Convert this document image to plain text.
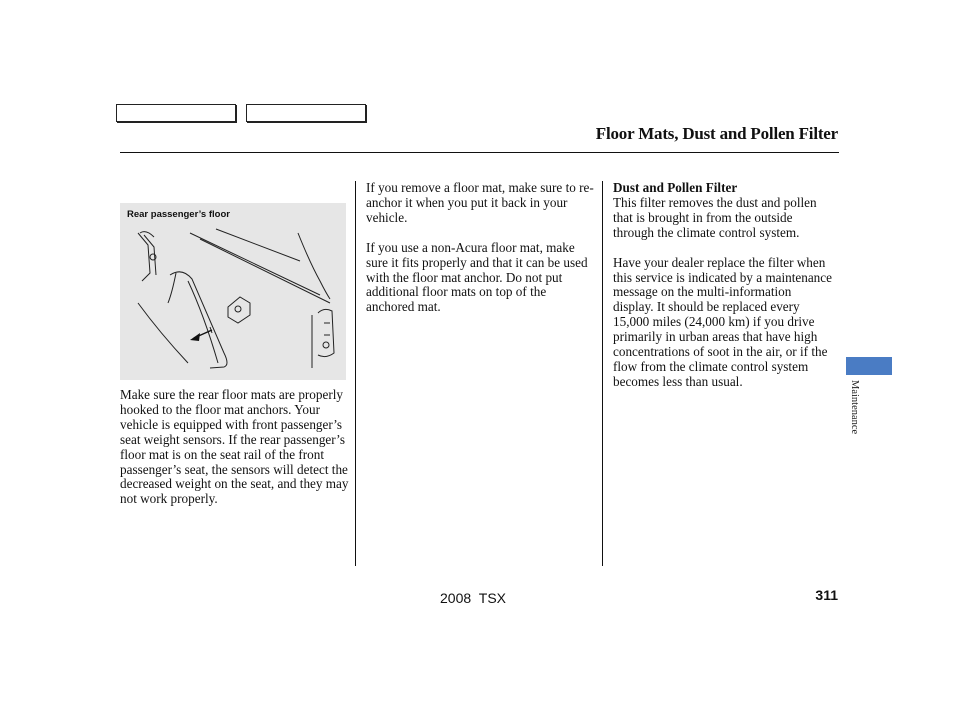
Floor Mats, Dust and Pollen Filter
Rear passenger’s floor

Make sure the rear floor mats are properly hooked to the floor mat anchors. Your vehicle is equipped with front passenger’s seat weight sensors. If the rear passenger’s floor mat is on the seat rail of the front passenger’s seat, the sensors will detect the decreased weight on the seat, and they may not work properly.

If you remove a floor mat, make sure to re-anchor it when you put it back in your vehicle.

If you use a non-Acura floor mat, make sure it fits properly and that it can be used with the floor mat anchor. Do not put additional floor mats on top of the anchored mat.

Dust and Pollen Filter

This filter removes the dust and pollen that is brought in from the outside through the climate control system.

Have your dealer replace the filter when this service is indicated by a maintenance message on the multi-information display. It should be replaced every 15,000 miles (24,000 km) if you drive primarily in urban areas that have high concentrations of soot in the air, or if the flow from the climate control system becomes less than usual.	Maintenance
2008 TSX	311
